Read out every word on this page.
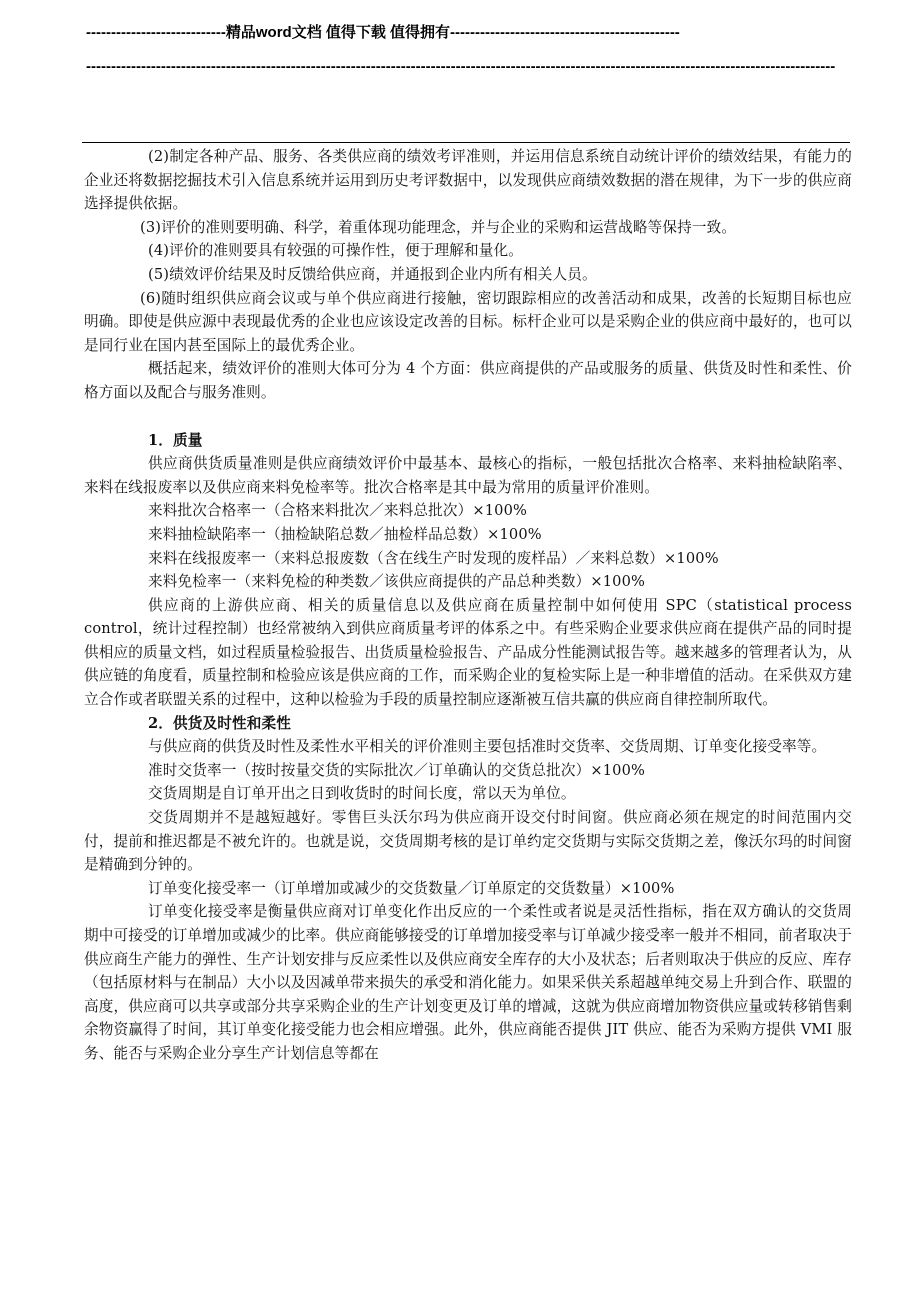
----------------------------精品word文档 值得下载 值得拥有----------------------------------------------
------------------------------------------------------------------------------------------------------------------------------------------------------

(2)制定各种产品、服务、各类供应商的绩效考评准则，并运用信息系统自动统计评价的绩效结果，有能力的企业还将数据挖掘技术引入信息系统并运用到历史考评数据中，以发现供应商绩效数据的潜在规律，为下一步的供应商选择提供依据。

(3)评价的准则要明确、科学，着重体现功能理念，并与企业的采购和运营战略等保持一致。

(4)评价的准则要具有较强的可操作性，便于理解和量化。

(5)绩效评价结果及时反馈给供应商，并通报到企业内所有相关人员。

(6)随时组织供应商会议或与单个供应商进行接触，密切跟踪相应的改善活动和成果，改善的长短期目标也应明确。即使是供应源中表现最优秀的企业也应该设定改善的目标。标杆企业可以是采购企业的供应商中最好的，也可以是同行业在国内甚至国际上的最优秀企业。

概括起来，绩效评价的准则大体可分为 4 个方面：供应商提供的产品或服务的质量、供货及时性和柔性、价格方面以及配合与服务准则。

1．质量

供应商供货质量准则是供应商绩效评价中最基本、最核心的指标，一般包括批次合格率、来料抽检缺陷率、来料在线报废率以及供应商来料免检率等。批次合格率是其中最为常用的质量评价准则。

来料批次合格率一（合格来料批次／来料总批次）×100%

来料抽检缺陷率一（抽检缺陷总数／抽检样品总数）×100%

来料在线报废率一（来料总报废数（含在线生产时发现的废样品）／来料总数）×100%

来料免检率一（来料免检的种类数／该供应商提供的产品总种类数）×100%

供应商的上游供应商、相关的质量信息以及供应商在质量控制中如何使用 SPC（statistical process control，统计过程控制）也经常被纳入到供应商质量考评的体系之中。有些采购企业要求供应商在提供产品的同时提供相应的质量文档，如过程质量检验报告、出货质量检验报告、产品成分性能测试报告等。越来越多的管理者认为，从供应链的角度看，质量控制和检验应该是供应商的工作，而采购企业的复检实际上是一种非增值的活动。在采供双方建立合作或者联盟关系的过程中，这种以检验为手段的质量控制应逐渐被互信共赢的供应商自律控制所取代。

2．供货及时性和柔性

与供应商的供货及时性及柔性水平相关的评价准则主要包括准时交货率、交货周期、订单变化接受率等。

准时交货率一（按时按量交货的实际批次／订单确认的交货总批次）×100%

交货周期是自订单开出之日到收货时的时间长度，常以天为单位。

交货周期并不是越短越好。零售巨头沃尔玛为供应商开设交付时间窗。供应商必须在规定的时间范围内交付，提前和推迟都是不被允许的。也就是说，交货周期考核的是订单约定交货期与实际交货期之差，像沃尔玛的时间窗是精确到分钟的。

订单变化接受率一（订单增加或减少的交货数量／订单原定的交货数量）×100%

订单变化接受率是衡量供应商对订单变化作出反应的一个柔性或者说是灵活性指标，指在双方确认的交货周期中可接受的订单增加或减少的比率。供应商能够接受的订单增加接受率与订单减少接受率一般并不相同，前者取决于供应商生产能力的弹性、生产计划安排与反应柔性以及供应商安全库存的大小及状态；后者则取决于供应的反应、库存（包括原材料与在制品）大小以及因减单带来损失的承受和消化能力。如果采供关系超越单纯交易上升到合作、联盟的高度，供应商可以共享或部分共享采购企业的生产计划变更及订单的增减，这就为供应商增加物资供应量或转移销售剩余物资赢得了时间，其订单变化接受能力也会相应增强。此外，供应商能否提供 JIT 供应、能否为采购方提供 VMI 服务、能否与采购企业分享生产计划信息等都在
